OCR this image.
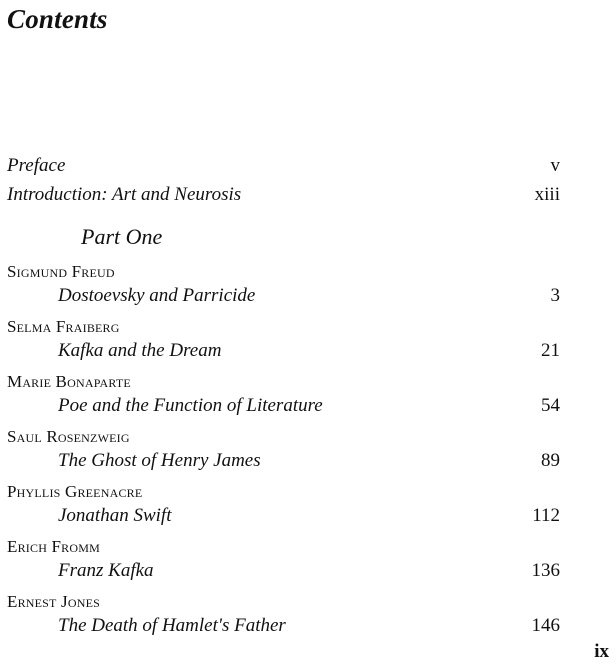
Contents
Preface	v
Introduction: Art and Neurosis	xiii
Part One
Sigmund Freud
Dostoevsky and Parricide	3
Selma Fraiberg
Kafka and the Dream	21
Marie Bonaparte
Poe and the Function of Literature	54
Saul Rosenzweig
The Ghost of Henry James	89
Phyllis Greenacre
Jonathan Swift	112
Erich Fromm
Franz Kafka	136
Ernest Jones
The Death of Hamlet's Father	146
ix
